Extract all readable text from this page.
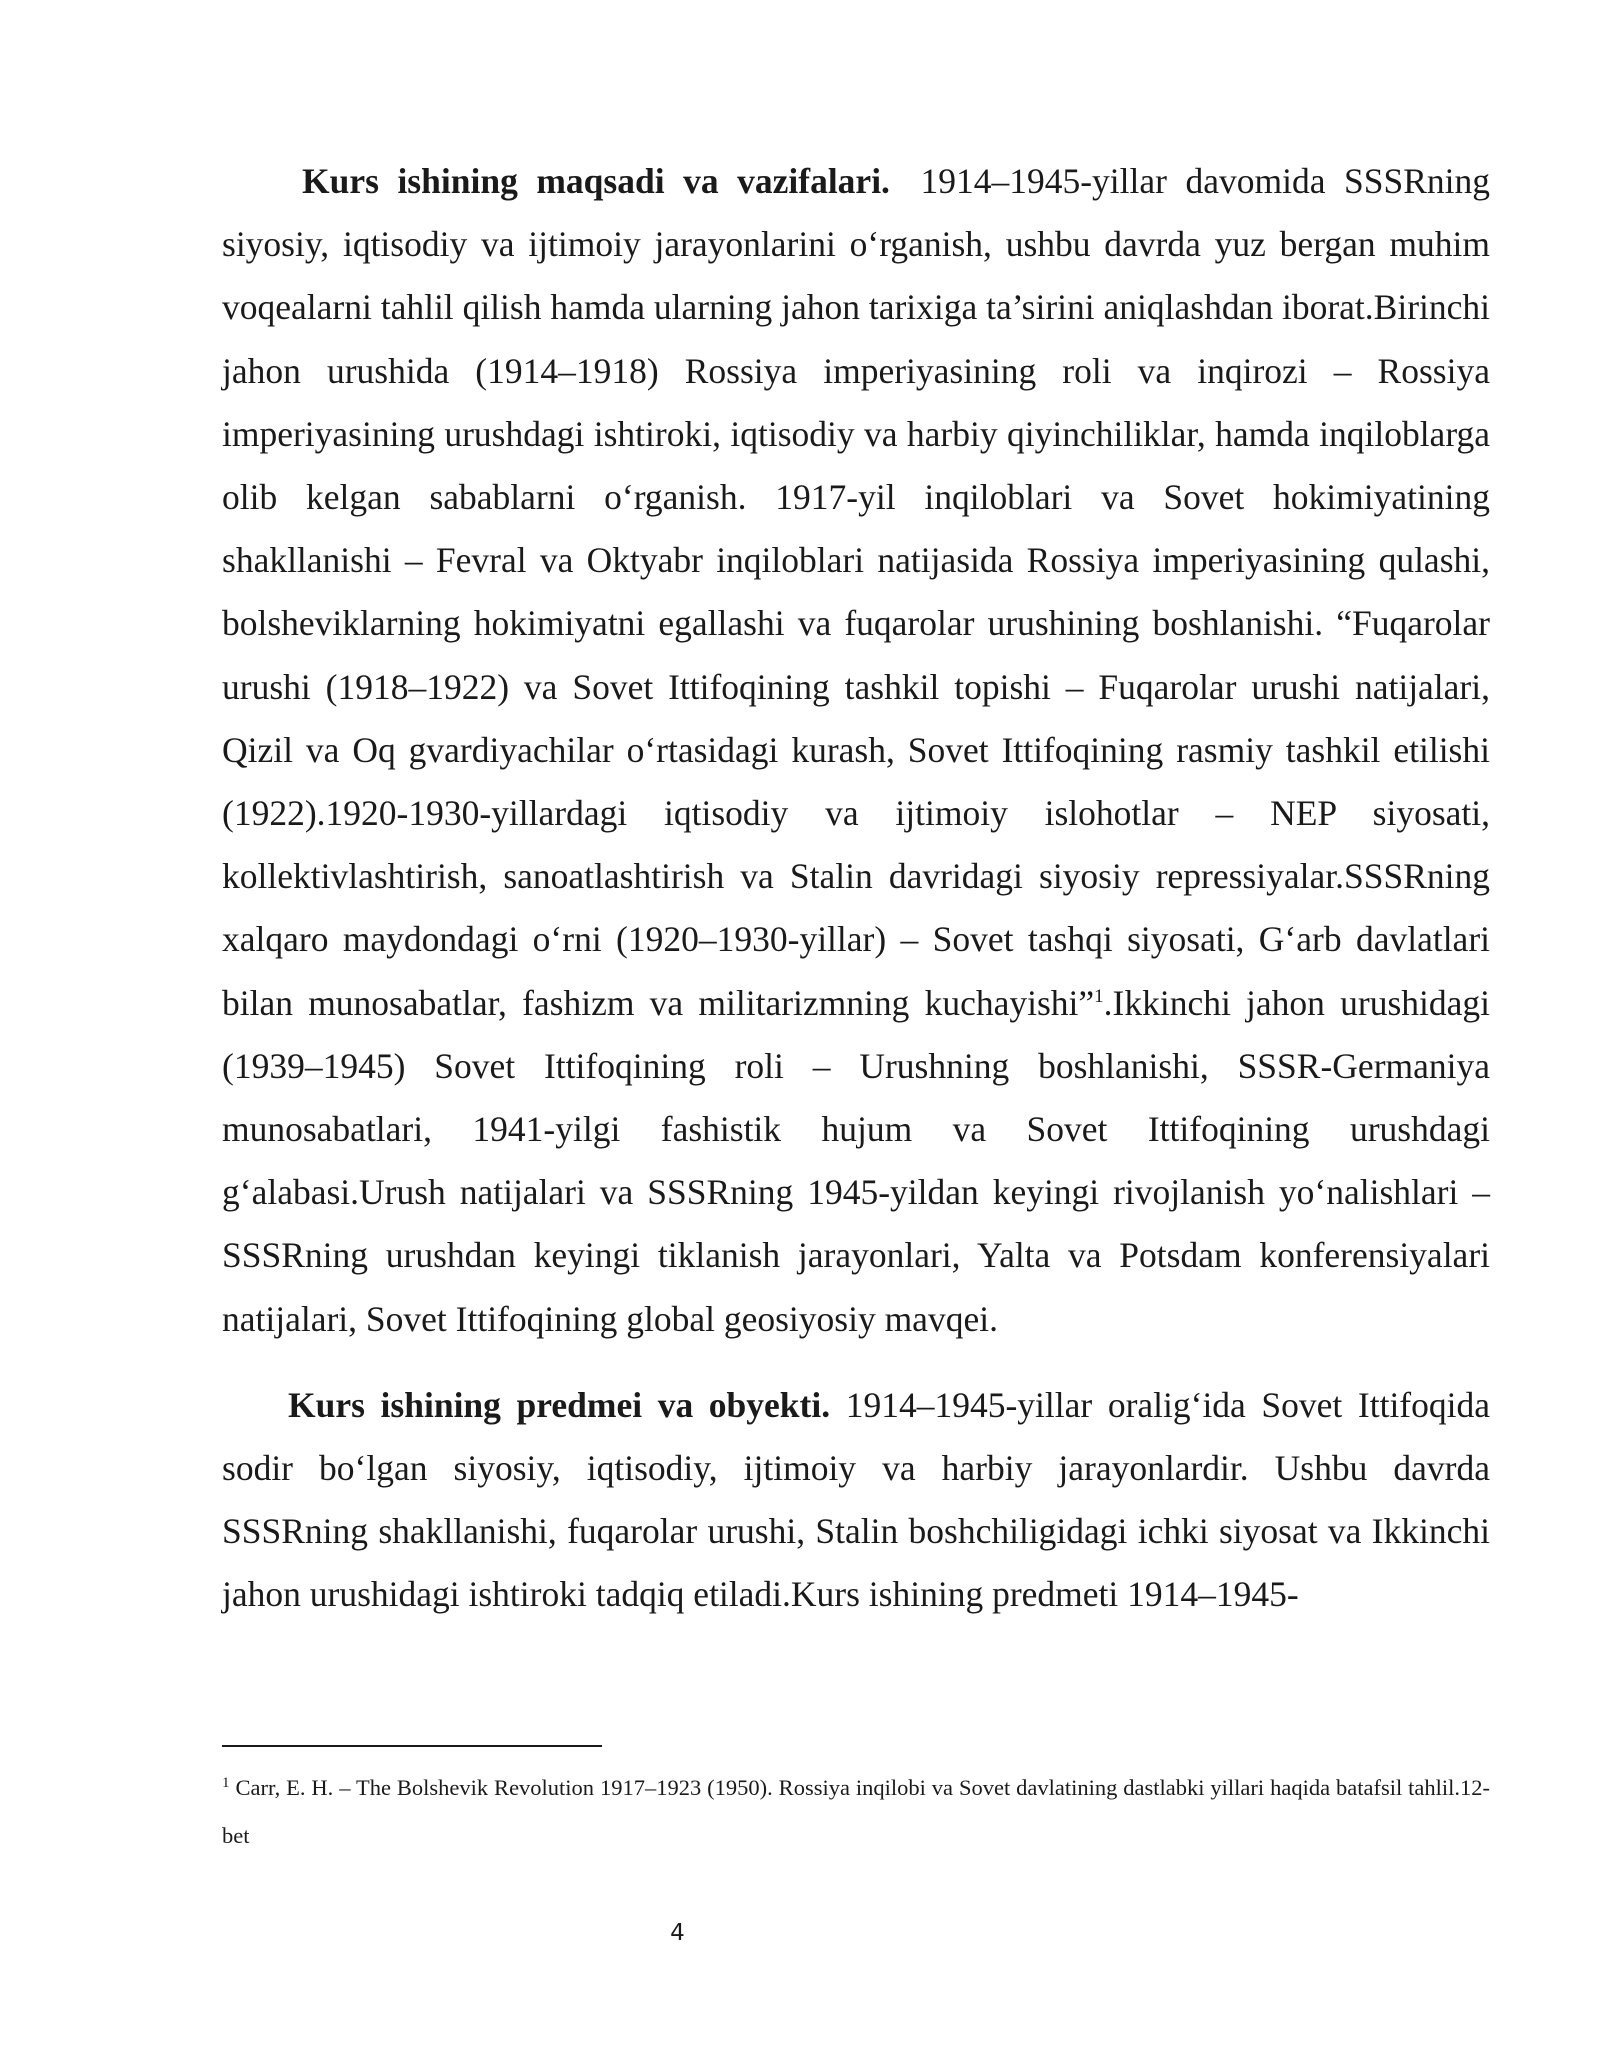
Kurs ishining maqsadi va vazifalari. 1914–1945-yillar davomida SSSRning siyosiy, iqtisodiy va ijtimoiy jarayonlarini o‘rganish, ushbu davrda yuz bergan muhim voqealarni tahlil qilish hamda ularning jahon tarixiga ta’sirini aniqlashdan iborat.Birinchi jahon urushida (1914–1918) Rossiya imperiyasining roli va inqirozi – Rossiya imperiyasining urushdagi ishtiroki, iqtisodiy va harbiy qiyinchiliklar, hamda inqiloblarga olib kelgan sabablarni o‘rganish. 1917-yil inqiloblari va Sovet hokimiyatining shakllanishi – Fevral va Oktyabr inqiloblari natijasida Rossiya imperiyasining qulashi, bolsheviklarning hokimiyatni egallashi va fuqarolar urushining boshlanishi. “Fuqarolar urushi (1918–1922) va Sovet Ittifoqining tashkil topishi – Fuqarolar urushi natijalari, Qizil va Oq gvardiyachilar o‘rtasidagi kurash, Sovet Ittifoqining rasmiy tashkil etilishi (1922).1920-1930-yillardagi iqtisodiy va ijtimoiy islohotlar – NEP siyosati, kollektivlashtirish, sanoatlashtirish va Stalin davridagi siyosiy repressiyalar.SSSRning xalqaro maydondagi o‘rni (1920–1930-yillar) – Sovet tashqi siyosati, G‘arb davlatlari bilan munosabatlar, fashizm va militarizmning kuchayishi”$^1$.Ikkinchi jahon urushidagi (1939–1945) Sovet Ittifoqining roli – Urushning boshlanishi, SSSR-Germaniya munosabatlari, 1941-yilgi fashistik hujum va Sovet Ittifoqining urushdagi g‘alabasi.Urush natijalari va SSSRning 1945-yildan keyingi rivojlanish yo‘nalishlari – SSSRning urushdan keyingi tiklanish jarayonlari, Yalta va Potsdam konferensiyalari natijalari, Sovet Ittifoqining global geosiyosiy mavqei.

Kurs ishining predmei va obyekti. 1914–1945-yillar oralig‘ida Sovet Ittifoqida sodir bo‘lgan siyosiy, iqtisodiy, ijtimoiy va harbiy jarayonlardir. Ushbu davrda SSSRning shakllanishi, fuqarolar urushi, Stalin boshchiligidagi ichki siyosat va Ikkinchi jahon urushidagi ishtiroki tadqiq etiladi.Kurs ishining predmeti 1914–1945-

$^1$ Carr, E. H. – The Bolshevik Revolution 1917–1923 (1950). Rossiya inqilobi va Sovet davlatining dastlabki yillari haqida batafsil tahlil.12-bet

4
